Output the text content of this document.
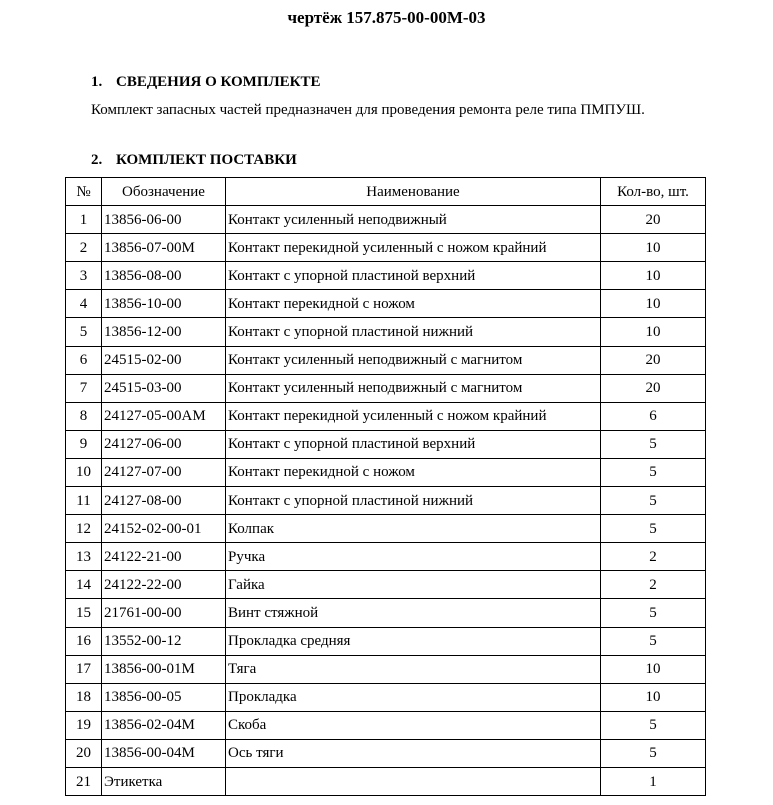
чертёж 157.875-00-00М-03
1. СВЕДЕНИЯ О КОМПЛЕКТЕ
Комплект запасных частей предназначен для проведения ремонта реле типа ПМПУШ.
2. КОМПЛЕКТ ПОСТАВКИ
№	Обозначение	Наименование	Кол-во, шт.
1	13856-06-00	Контакт усиленный неподвижный	20
2	13856-07-00М	Контакт перекидной усиленный с ножом крайний	10
3	13856-08-00	Контакт с упорной пластиной верхний	10
4	13856-10-00	Контакт перекидной с ножом	10
5	13856-12-00	Контакт с упорной пластиной нижний	10
6	24515-02-00	Контакт усиленный неподвижный с магнитом	20
7	24515-03-00	Контакт усиленный неподвижный с магнитом	20
8	24127-05-00АМ	Контакт перекидной усиленный с ножом крайний	6
9	24127-06-00	Контакт с упорной пластиной верхний	5
10	24127-07-00	Контакт перекидной с ножом	5
11	24127-08-00	Контакт с упорной пластиной нижний	5
12	24152-02-00-01	Колпак	5
13	24122-21-00	Ручка	2
14	24122-22-00	Гайка	2
15	21761-00-00	Винт стяжной	5
16	13552-00-12	Прокладка средняя	5
17	13856-00-01М	Тяга	10
18	13856-00-05	Прокладка	10
19	13856-02-04М	Скоба	5
20	13856-00-04М	Ось тяги	5
21	Этикетка		1
